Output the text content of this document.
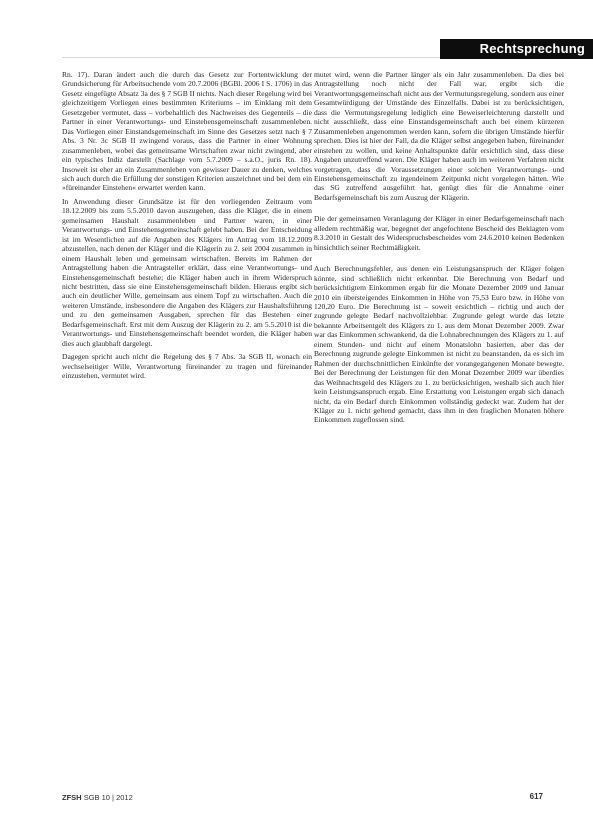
Rechtsprechung

Rn. 17). Daran ändert auch die durch das Gesetz zur Fortentwicklung der Grundsicherung für Arbeitsuchende vom 20.7.2006 (BGBl. 2006 I S. 1706) in das Gesetz eingefügte Absatz 3a des § 7 SGB II nichts. Nach dieser Regelung wird bei gleichzeitigem Vorliegen eines bestimmten Kriteriums – im Einklang mit dem Gesetzgeber vermutet, dass – vorbehaltlich des Nachweises des Gegenteils – die Partner in einer Verantwortungs- und Einstehensgemeinschaft zusammenleben. Das Vorliegen einer Einstandsgemeinschaft im Sinne des Gesetzes setzt nach § 7 Abs. 3 Nr. 3c SGB II zwingend voraus, dass die Partner in einer Wohnung zusammenleben, wobei das gemeinsame Wirtschaften zwar nicht zwingend, aber ein typisches Indiz darstellt (Sachlage vom 5.7.2009 – s.a.O., juris Rn. 18). Insoweit ist eher an ein Zusammenleben von gewisser Dauer zu denken, welches sich auch durch die Erfüllung der sonstigen Kriterien auszeichnet und bei dem ein »füreinander Einstehen« erwartet werden kann.

In Anwendung dieser Grundsätze ist für den vorliegenden Zeitraum vom 18.12.2009 bis zum 5.5.2010 davon auszugehen, dass die Kläger, die in einem gemeinsamen Haushalt zusammenleben und Partner waren, in einer Verantwortungs- und Einstehensgemeinschaft gelebt haben. Bei der Entscheidung ist im Wesentlichen auf die Angaben des Klägers im Antrag vom 18.12.2009 abzustellen, nach denen der Kläger und die Klägerin zu 2. seit 2004 zusammen in einem Haushalt leben und gemeinsam wirtschaften. Bereits im Rahmen der Antragstellung haben die Antragsteller erklärt, dass eine Verantwortungs- und Einstehensgemeinschaft bestehe; die Kläger haben auch in ihrem Widerspruch nicht bestritten, dass sie eine Einstehensgemeinschaft bilden. Hieraus ergibt sich auch ein deutlicher Wille, gemeinsam aus einem Topf zu wirtschaften. Auch die weiteren Umstände, insbesondere die Angaben des Klägers zur Haushaltsführung und zu den gemeinsamen Ausgaben, sprechen für das Bestehen einer Bedarfsgemeinschaft. Erst mit dem Auszug der Klägerin zu 2. am 5.5.2010 ist die Verantwortungs- und Einstehensgemeinschaft beendet worden, die Kläger haben dies auch glaubhaft dargelegt.

Dagegen spricht auch nicht die Regelung des § 7 Abs. 3a SGB II, wonach ein wechselseitiger Wille, Verantwortung füreinander zu tragen und füreinander einzustehen, vermutet wird.

mutet wird, wenn die Partner länger als ein Jahr zusammenleben. Da dies bei Antragstellung noch nicht der Fall war, ergibt sich die Verantwortungsgemeinschaft nicht aus der Vermutungsregelung, sondern aus einer Gesamtwürdigung der Umstände des Einzelfalls. Dabei ist zu berücksichtigen, dass die Vermutungsregelung lediglich eine Beweiserleichterung darstellt und nicht ausschließt, dass eine Einstandsgemeinschaft auch bei einem kürzeren Zusammenleben angenommen werden kann, sofern die übrigen Umstände hierfür sprechen. Dies ist hier der Fall, da die Kläger selbst angegeben haben, füreinander einstehen zu wollen, und keine Anhaltspunkte dafür ersichtlich sind, dass diese Angaben unzutreffend waren. Die Kläger haben auch im weiteren Verfahren nicht vorgetragen, dass die Voraussetzungen einer solchen Verantwortungs- und Einstehensgemeinschaft zu irgendeinem Zeitpunkt nicht vorgelegen hätten. Wie das SG zutreffend ausgeführt hat, genügt dies für die Annahme einer Bedarfsgemeinschaft bis zum Auszug der Klägerin.

Die der gemeinsamen Veranlagung der Kläger in einer Bedarfsgemeinschaft nach alledem rechtmäßig war, begegnet der angefochtene Bescheid des Beklagten vom 8.3.2010 in Gestalt des Widerspruchsbescheides vom 24.6.2010 keinen Bedenken hinsichtlich seiner Rechtmäßigkeit.

Auch Berechnungsfehler, aus denen ein Leistungsanspruch der Kläger folgen könnte, sind schließlich nicht erkennbar. Die Berechnung von Bedarf und berücksichtigtem Einkommen ergab für die Monate Dezember 2009 und Januar 2010 ein übersteigendes Einkommen in Höhe von 75,53 Euro bzw. in Höhe von 120,20 Euro. Die Berechnung ist – soweit ersichtlich – richtig und auch der zugrunde gelegte Bedarf nachvollziehbar. Zugrunde gelegt wurde das letzte bekannte Arbeitsentgelt des Klägers zu 1. aus dem Monat Dezember 2009. Zwar war das Einkommen schwankend, da die Lohnabrechnungen des Klägers zu 1. auf einem Stunden- und nicht auf einem Monatslohn basierten, aber das der Berechnung zugrunde gelegte Einkommen ist nicht zu beanstanden, da es sich im Rahmen der durchschnittlichen Einkünfte der vorangegangenen Monate bewegte. Bei der Berechnung der Leistungen für den Monat Dezember 2009 war überdies das Weihnachtsgeld des Klägers zu 1. zu berücksichtigen, weshalb sich auch hier kein Leistungsanspruch ergab. Eine Erstattung von Leistungen ergab sich danach nicht, da ein Bedarf durch Einkommen vollständig gedeckt war. Zudem hat der Kläger zu 1. nicht geltend gemacht, dass ihm in den fraglichen Monaten höhere Einkommen zugeflossen sind.

ZFSH SGB 10 | 2012	617
